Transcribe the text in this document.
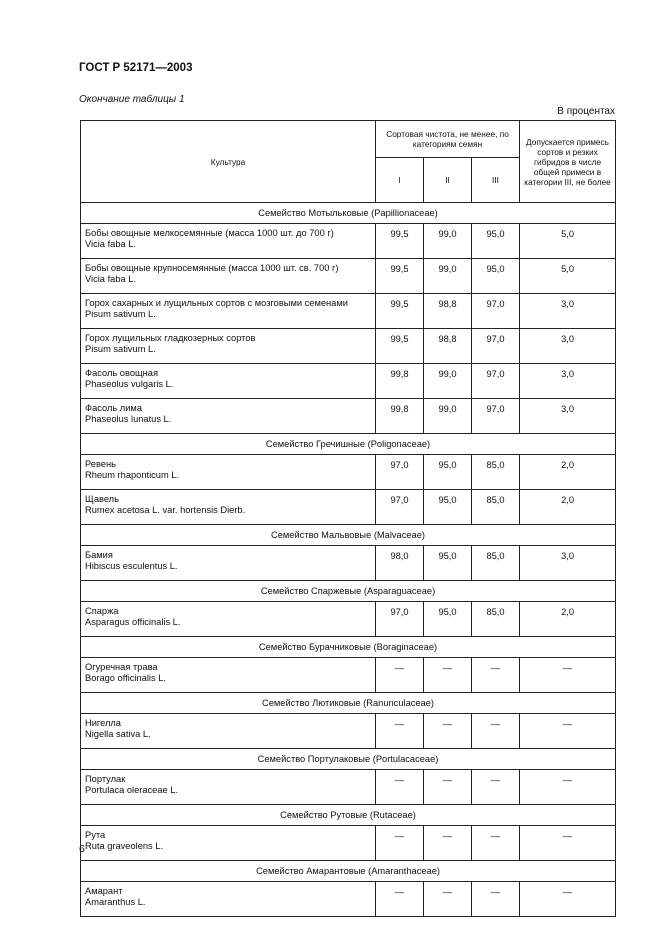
ГОСТ Р 52171—2003
Окончание таблицы 1
В процентах
Культура	Сортовая чистота, не менее, по категориям семян			Допускается примесь сортов и резких гибридов в числе общей примеси в категории III, не более
	I	II	III	
Семейство Мотыльковые (Papillionaceae)				
Бобы овощные мелкосемянные (масса 1000 шт. до 700 г)
Vicia faba L.	99,5	99,0	95,0	5,0
Бобы овощные крупносемянные (масса 1000 шт. св. 700 г)
Vicia faba L.	99,5	99,0	95,0	5,0
Горох сахарных и лущильных сортов с мозговыми семенами
Pisum sativum L.	99,5	98,8	97,0	3,0
Горох лущильных гладкозерных сортов
Pisum sativum L.	99,5	98,8	97,0	3,0
Фасоль овощная
Phaseolus vulgaris L.	99,8	99,0	97,0	3,0
Фасоль лима
Phaseolus lunatus L.	99,8	99,0	97,0	3,0
Семейство Гречишные (Poligonaceae)				
Ревень
Rheum rhaponticum L.	97,0	95,0	85,0	2,0
Щавель
Rumex acetosa L. var. hortensis Dierb.	97,0	95,0	85,0	2,0
Семейство Мальвовые (Malvaceae)				
Бамия
Hibiscus esculentus L.	98,0	95,0	85,0	3,0
Семейство Спаржевые (Asparaguaceae)				
Спаржа
Asparagus officinalis L.	97,0	95,0	85,0	2,0
Семейство Бурачниковые (Boraginaceae)				
Огуречная трава
Borago officinalis L.	—	—	—	—
Семейство Лютиковые (Ranunculaceae)				
Нигелла
Nigella sativa L.	—	—	—	—
Семейство Портулаковые (Portulacaceae)				
Портулак
Portulaca oleraceae L.	—	—	—	—
Семейство Рутовые (Rutaceae)				
Рута
Ruta graveolens L.	—	—	—	—
Семейство Амарантовые (Amaranthaceae)				
Амарант
Amaranthus L.	—	—	—	—
6
